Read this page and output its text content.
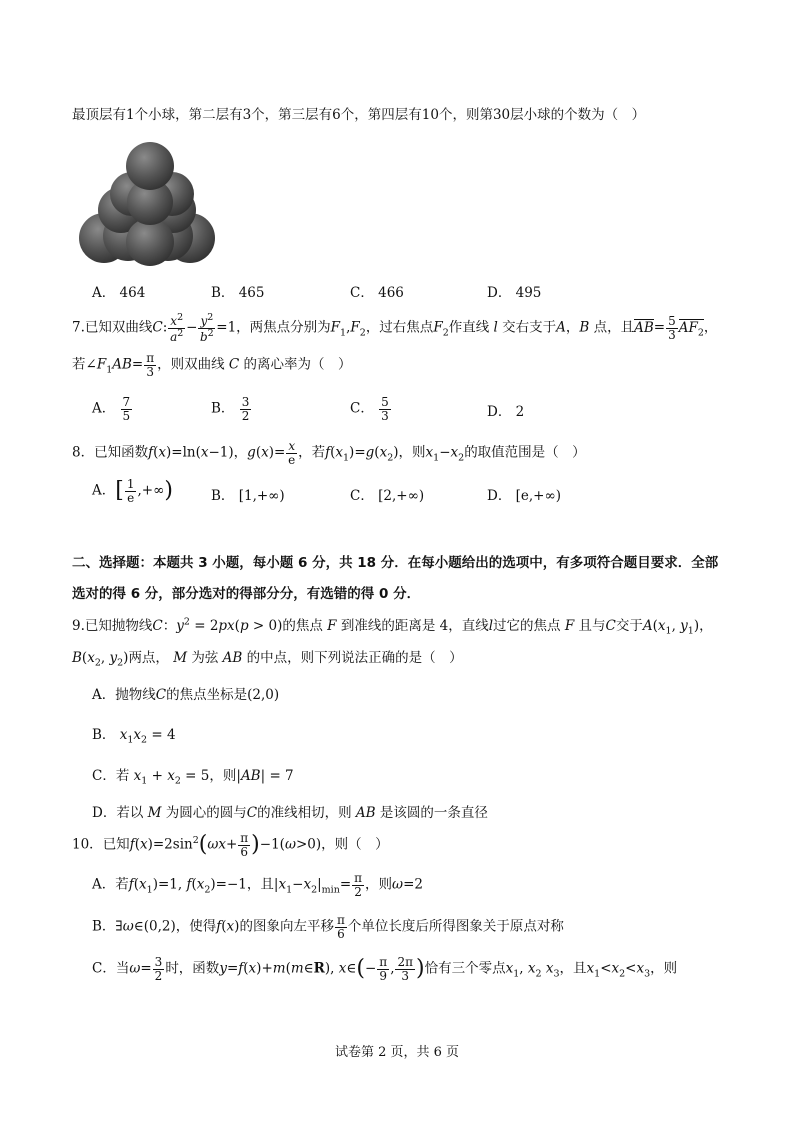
最顶层有1个小球，第二层有3个，第三层有6个，第四层有10个，则第30层小球的个数为（　）
A． 464	B． 465	C． 466	D． 495
7.已知双曲线C: $\frac{x^2}{a^2} - \frac{y^2}{b^2} =1$，两焦点分别为$F_1,F_2$，过右焦点$F_2$作直线 l 交右支于A，B 点，且$AB= \frac{5}{3} AF_2$，
若$\angle F_1AB= \frac{\pi}{3}$ ，则双曲线 C 的离心率为（　）
A． $\frac{7}{5}$	B． $\frac{3}{2}$	C． $\frac{5}{3}$	D． 2
8．已知函数f(x)=ln(x−1)，$g(x)= \frac{x}{e}$ ，若$f(x_1)=g(x_2)$，则$x_1-x_2$的取值范围是（　）
A．[ $\frac{1}{e}$ ,+∞)	B． [1,+∞)	C． [2,+∞)	D． [e,+∞)
二、选择题：本题共 3 小题，每小题 6 分，共 18 分．在每小题给出的选项中，有多项符合题目要求．全部
选对的得 6 分，部分选对的得部分分，有选错的得 0 分．
9.已知抛物线C：$y^2 = 2px(p > 0)$的焦点 F 到准线的距离是 4，直线l过它的焦点 F 且与C交于$A(x_1$, $y_1$)，
$B(x_2$, $y_2$)两点， M 为弦 AB 的中点，则下列说法正确的是（　）
A．抛物线C的焦点坐标是(2,0)
B． $x_1x_2 = 4$
C．若 $x_1 + x_2 = 5$，则|AB| = 7
D．若以 M 为圆心的圆与C的准线相切，则 AB 是该圆的一条直径
10．已知$f(x)=2\sin^2(\omega x+ \frac{\pi}{6} )-1(\omega>0)$，则（　）
A．若$f(x_1)=1$, $f(x_2)=-1$，且$|x_1-x_2|_{min}= \frac{\pi}{2}$ ，则ω=2
B．∃ω∈(0,2)，使得f(x)的图象向左平移 $\frac{\pi}{6}$ 个单位长度后所得图象关于原点对称
C．当$\omega= \frac{3}{2}$ 时，函数y=f(x)+m(m∈R), x∈(− $\frac{\pi}{9}$ , $\frac{2\pi}{3}$ )恰有三个零点$x_1$, $x_2$ $x_3$，且$x_1<x_2<x_3$，则
试卷第 2 页，共 6 页
